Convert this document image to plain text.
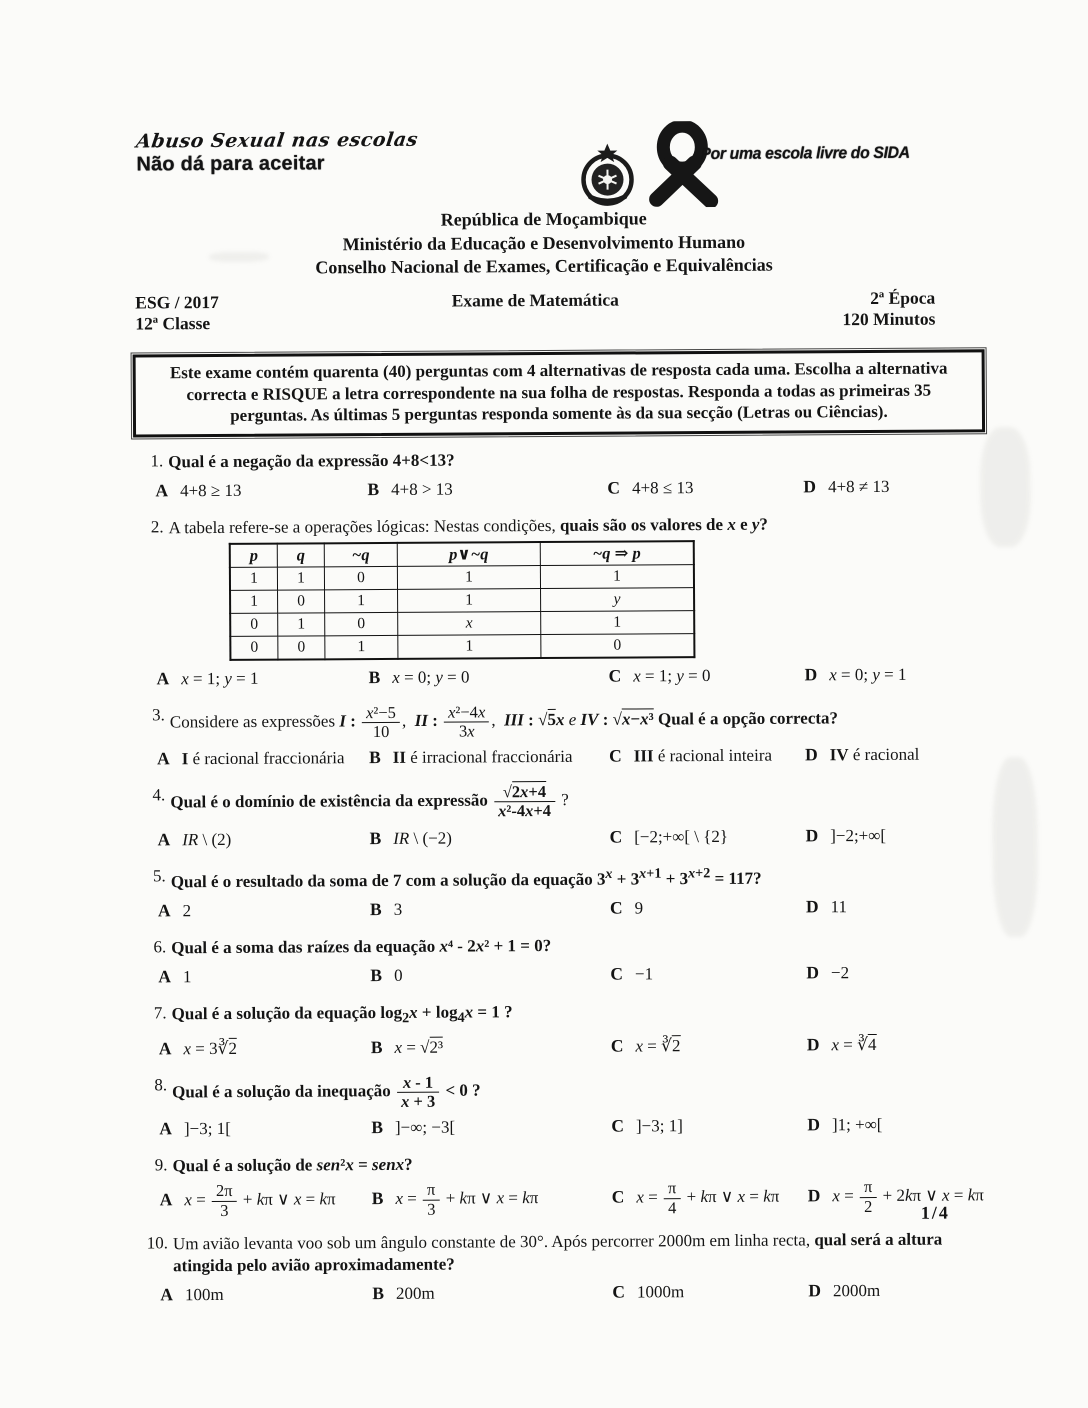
Abuso Sexual nas escolas
Não dá para aceitar	Por uma escola livre do SIDA
República de Moçambique
Ministério da Educação e Desenvolvimento Humano
Conselho Nacional de Exames, Certificação e Equivalências
ESG / 2017
12ª Classe
Exame de Matemática	2ª Época
120 Minutos
Este exame contém quarenta (40) perguntas com 4 alternativas de resposta cada uma. Escolha a alternativa correcta e RISQUE a letra correspondente na sua folha de respostas. Responda a todas as primeiras 35 perguntas. As últimas 5 perguntas responda somente às da sua secção (Letras ou Ciências).
1. Qual é a negação da expressão 4+8<13?
A 4+8 ≥ 13	B 4+8 > 13	C 4+8 ≤ 13	D 4+8 ≠ 13
2. A tabela refere-se a operações lógicas: Nestas condições, quais são os valores de x e y?
p	q	~q	p∨~q	~q ⇒ p
1	1	0	1	1
1	0	1	1	y
0	1	0	x	1
0	0	1	1	0
A x = 1; y = 1	B x = 0; y = 0	C x = 1; y = 0	D x = 0; y = 1
3. Considere as expressões I : $\frac{\text{x²−5}}{10}$ ,  II : $\frac{\text{x²−4x}}{3x}$ ,  III : √5x e IV : √x−x³ Qual é a opção correcta?
A I é racional fraccionária	B II é irracional fraccionária	C III é racional inteira	D IV é racional
4. Qual é o domínio de existência da expressão $\frac{√2x+4}{\text{x²-4x+4}}$ ?
A IR \ (2)	B IR \ (−2)	C [−2;+∞[ \ {2}	D ]−2;+∞[
5. Qual é o resultado da soma de 7 com a solução da equação $3^x + 3^{x+1} + 3^{x+2} = 117$?
A 2	B 3	C 9	D 11
6. Qual é a soma das raízes da equação x⁴ - 2x² + 1 = 0?
A 1	B 0	C −1	D −2
7. Qual é a solução da equação $\log_2x + \log_4x = 1$ ?
A x = 3∛2	B x = √2³	C x = ∛2	D x = ∛4
8. Qual é a solução da inequação $\frac{x - 1}{x + 3} < 0$ ?
A ]−3; 1[	B ]−∞; −3[	C ]−3; 1]	D ]1; +∞[
9. Qual é a solução de sen²x = senx?
A $x = \frac{2\pi}{3} + k\pi$ ∨ x = kπ	B $x = \frac{\pi}{3} + k\pi$ ∨ x = kπ	C $x = \frac{\pi}{4} + k\pi$ ∨ x = kπ	D $x = \frac{\pi}{2} + 2k\pi$ ∨ x = kπ
10. Um avião levanta voo sob um ângulo constante de 30°. Após percorrer 2000m em linha recta, qual será a altura atingida pelo avião aproximadamente?
A 100m	B 200m	C 1000m	D 2000m
1/4
